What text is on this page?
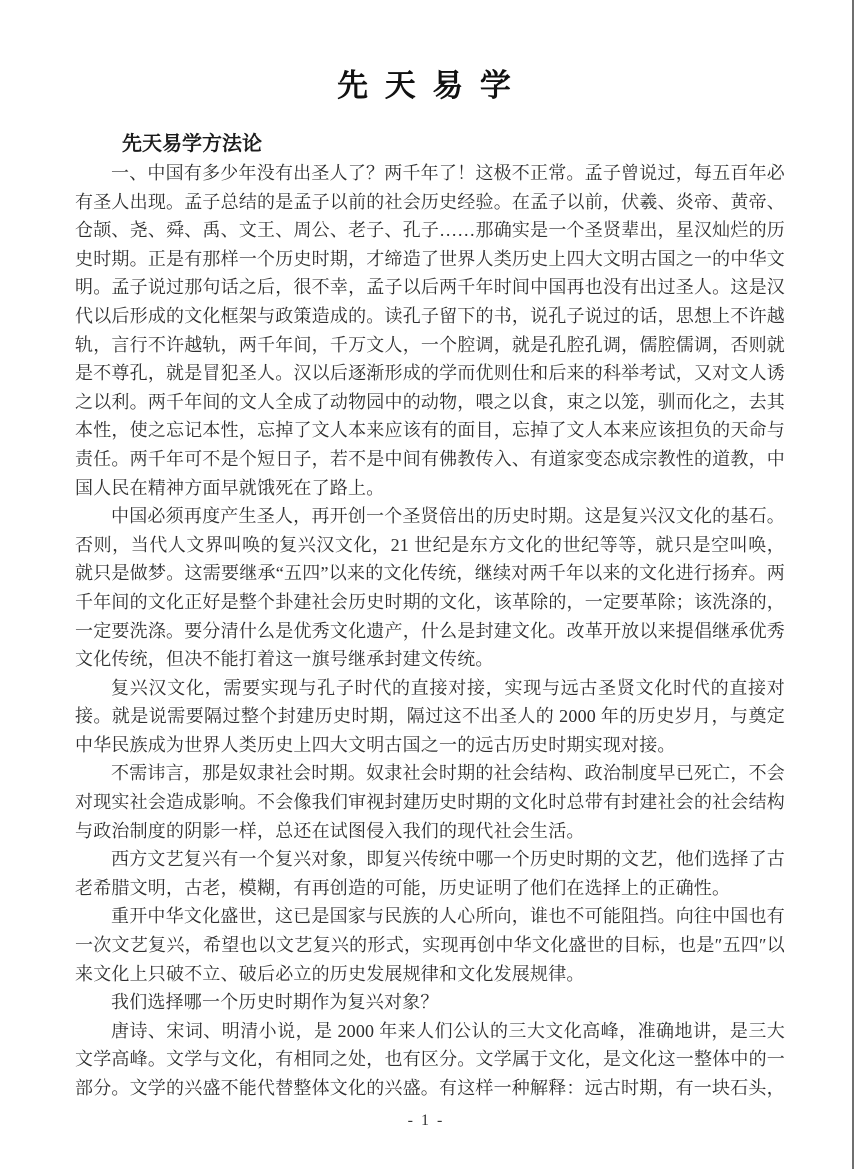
先 天 易 学
先天易学方法论

一、中国有多少年没有出圣人了？两千年了！这极不正常。孟子曾说过，每五百年必有圣人出现。孟子总结的是孟子以前的社会历史经验。在孟子以前，伏羲、炎帝、黄帝、仓颉、尧、舜、禹、文王、周公、老子、孔子……那确实是一个圣贤辈出，星汉灿烂的历史时期。正是有那样一个历史时期，才缔造了世界人类历史上四大文明古国之一的中华文明。孟子说过那句话之后，很不幸，孟子以后两千年时间中国再也没有出过圣人。这是汉代以后形成的文化框架与政策造成的。读孔子留下的书，说孔子说过的话，思想上不许越轨，言行不许越轨，两千年间，千万文人，一个腔调，就是孔腔孔调，儒腔儒调，否则就是不尊孔，就是冒犯圣人。汉以后逐渐形成的学而优则仕和后来的科举考试，又对文人诱之以利。两千年间的文人全成了动物园中的动物，喂之以食，束之以笼，驯而化之，去其本性，使之忘记本性，忘掉了文人本来应该有的面目，忘掉了文人本来应该担负的天命与责任。两千年可不是个短日子，若不是中间有佛教传入、有道家变态成宗教性的道教，中国人民在精神方面早就饿死在了路上。

中国必须再度产生圣人，再开创一个圣贤倍出的历史时期。这是复兴汉文化的基石。否则，当代人文界叫唤的复兴汉文化，21 世纪是东方文化的世纪等等，就只是空叫唤，就只是做梦。这需要继承“五四”以来的文化传统，继续对两千年以来的文化进行扬弃。两千年间的文化正好是整个卦建社会历史时期的文化，该革除的，一定要革除；该洗涤的，一定要洗涤。要分清什么是优秀文化遗产，什么是封建文化。改革开放以来提倡继承优秀文化传统，但决不能打着这一旗号继承封建文传统。

复兴汉文化，需要实现与孔子时代的直接对接，实现与远古圣贤文化时代的直接对接。就是说需要隔过整个封建历史时期，隔过这不出圣人的 2000 年的历史岁月，与奠定中华民族成为世界人类历史上四大文明古国之一的远古历史时期实现对接。

不需讳言，那是奴隶社会时期。奴隶社会时期的社会结构、政治制度早已死亡，不会对现实社会造成影响。不会像我们审视封建历史时期的文化时总带有封建社会的社会结构与政治制度的阴影一样，总还在试图侵入我们的现代社会生活。

西方文艺复兴有一个复兴对象，即复兴传统中哪一个历史时期的文艺，他们选择了古老希腊文明，古老，模糊，有再创造的可能，历史证明了他们在选择上的正确性。

重开中华文化盛世，这已是国家与民族的人心所向，谁也不可能阻挡。向往中国也有一次文艺复兴，希望也以文艺复兴的形式，实现再创中华文化盛世的目标，也是″五四″以来文化上只破不立、破后必立的历史发展规律和文化发展规律。

我们选择哪一个历史时期作为复兴对象？

唐诗、宋词、明清小说，是 2000 年来人们公认的三大文化高峰，准确地讲，是三大文学高峰。文学与文化，有相同之处，也有区分。文学属于文化，是文化这一整体中的一部分。文学的兴盛不能代替整体文化的兴盛。有这样一种解释：远古时期，有一块石头，

- 1 -
